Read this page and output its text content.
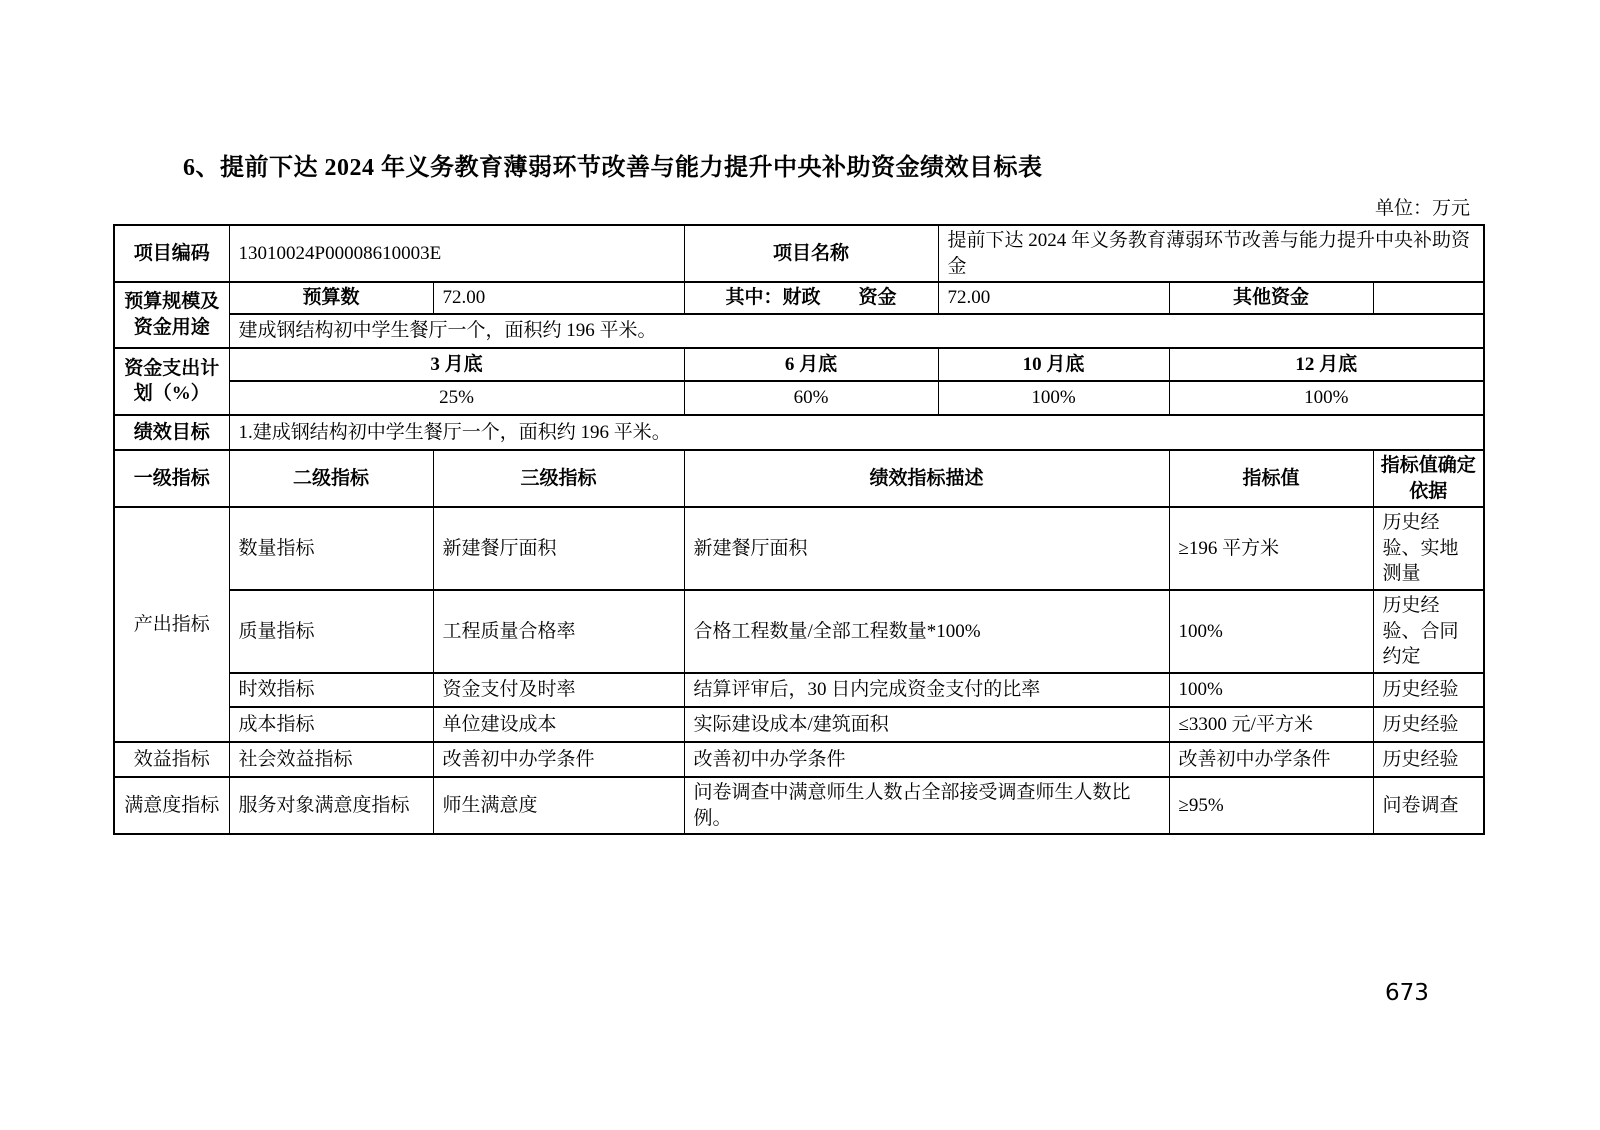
6、提前下达 2024 年义务教育薄弱环节改善与能力提升中央补助资金绩效目标表
单位：万元
项目编码	13010024P00008610003E		项目名称	提前下达 2024 年义务教育薄弱环节改善与能力提升中央补助资金		
预算规模及资金用途	预算数	72.00	其中：财政　　资金	72.00	其他资金	
	建成钢结构初中学生餐厅一个，面积约 196 平米。					
资金支出计划（%）	3 月底		6 月底	10 月底	12 月底	
	25%		60%	100%	100%	
绩效目标	1.建成钢结构初中学生餐厅一个，面积约 196 平米。					
一级指标	二级指标	三级指标	绩效指标描述		指标值	指标值确定依据
产出指标	数量指标	新建餐厅面积	新建餐厅面积		≥196 平方米	历史经验、实地测量
	质量指标	工程质量合格率	合格工程数量/全部工程数量*100%		100%	历史经验、合同约定
	时效指标	资金支付及时率	结算评审后，30 日内完成资金支付的比率		100%	历史经验
	成本指标	单位建设成本	实际建设成本/建筑面积		≤3300 元/平方米	历史经验
效益指标	社会效益指标	改善初中办学条件	改善初中办学条件		改善初中办学条件	历史经验
满意度指标	服务对象满意度指标	师生满意度	问卷调查中满意师生人数占全部接受调查师生人数比例。		≥95%	问卷调查
673
